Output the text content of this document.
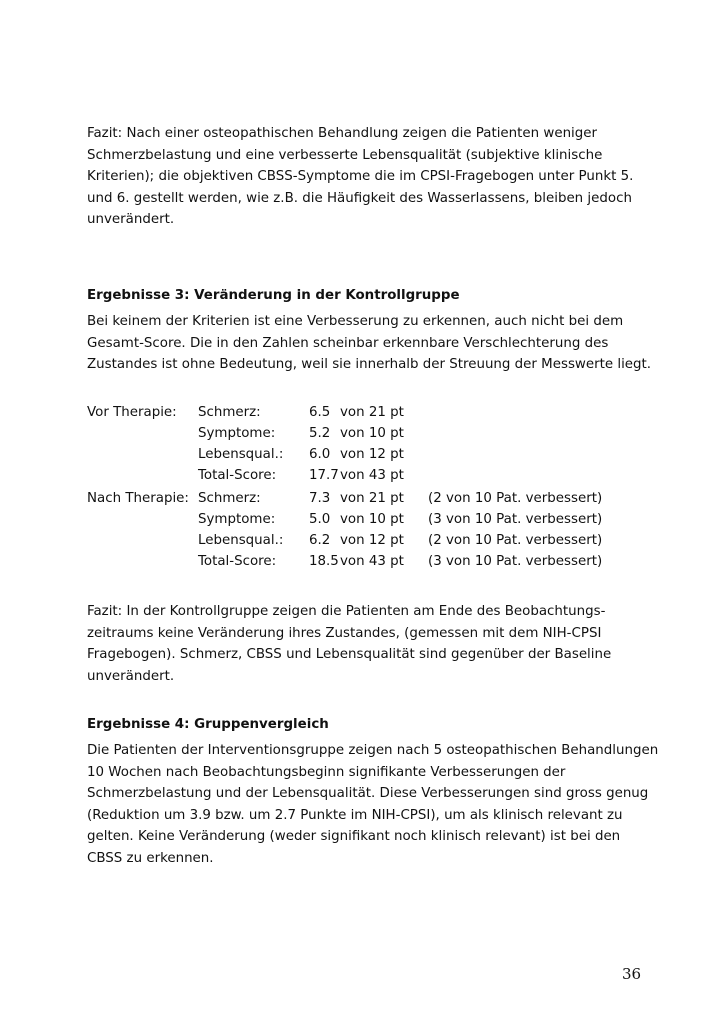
Fazit: Nach einer osteopathischen Behandlung zeigen die Patienten weniger
Schmerzbelastung und eine verbesserte Lebensqualität (subjektive klinische
Kriterien); die objektiven CBSS-Symptome die im CPSI-Fragebogen unter Punkt 5.
und 6. gestellt werden, wie z.B. die Häufigkeit des Wasserlassens, bleiben jedoch
unverändert.
Ergebnisse 3: Veränderung in der Kontrollgruppe
Bei keinem der Kriterien ist eine Verbesserung zu erkennen, auch nicht bei dem
Gesamt-Score. Die in den Zahlen scheinbar erkennbare Verschlechterung des
Zustandes ist ohne Bedeutung, weil sie innerhalb der Streuung der Messwerte liegt.
Vor Therapie: Schmerz:	6.5 von 21 pt
Symptome:	5.2 von 10 pt
Lebensqual.: 6.0 von 12 pt
Total-Score: 17.7 von 43 pt
Nach Therapie: Schmerz:	7.3 von 21 pt (2 von 10 Pat. verbessert)
Symptome:	5.0 von 10 pt (3 von 10 Pat. verbessert)
Lebensqual.: 6.2 von 12 pt (2 von 10 Pat. verbessert)
Total-Score: 18.5 von 43 pt (3 von 10 Pat. verbessert)
Fazit: In der Kontrollgruppe zeigen die Patienten am Ende des Beobachtungs-
zeitraums keine Veränderung ihres Zustandes, (gemessen mit dem NIH-CPSI
Fragebogen). Schmerz, CBSS und Lebensqualität sind gegenüber der Baseline
unverändert.
Ergebnisse 4: Gruppenvergleich
Die Patienten der Interventionsgruppe zeigen nach 5 osteopathischen Behandlungen
10 Wochen nach Beobachtungsbeginn signifikante Verbesserungen der
Schmerzbelastung und der Lebensqualität. Diese Verbesserungen sind gross genug
(Reduktion um 3.9 bzw. um 2.7 Punkte im NIH-CPSI), um als klinisch relevant zu
gelten. Keine Veränderung (weder signifikant noch klinisch relevant) ist bei den
CBSS zu erkennen.
36
